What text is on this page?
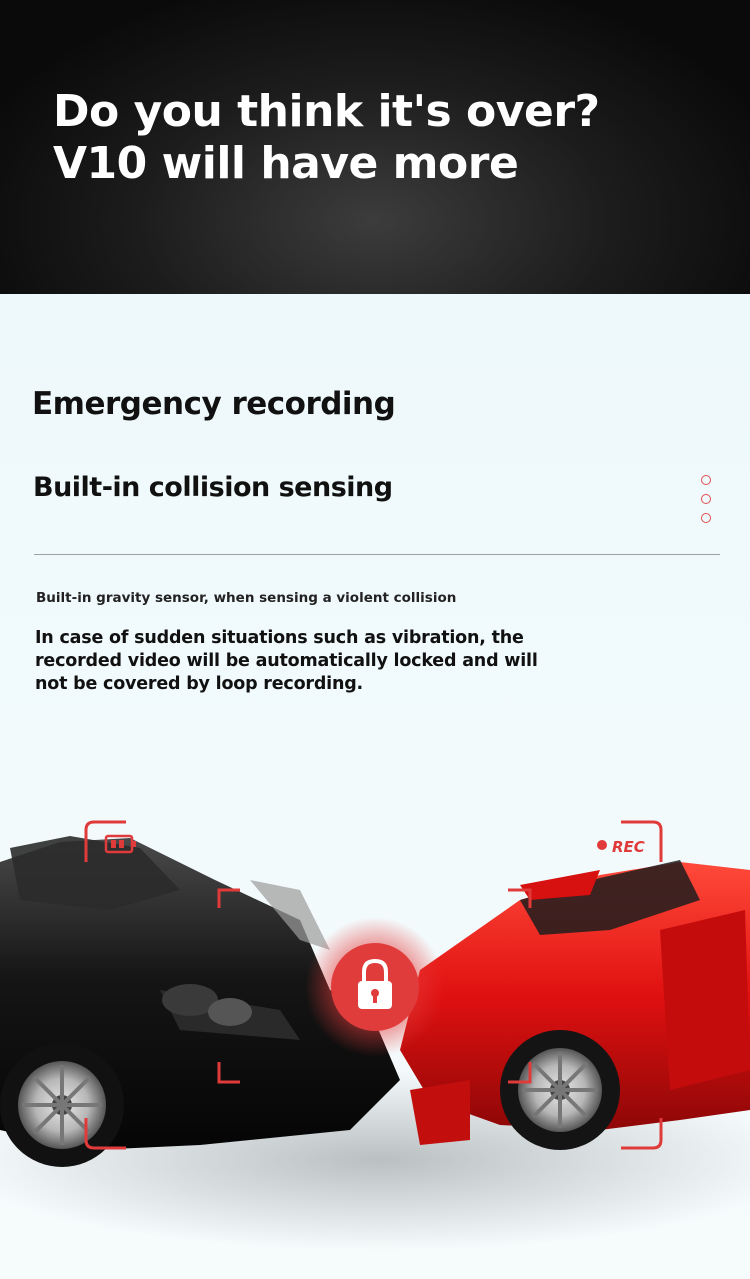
Do you think it's over?
V10 will have more
Emergency recording
Built-in collision sensing
Built-in gravity sensor, when sensing a violent collision
In case of sudden situations such as vibration, the recorded video will be automatically locked and will not be covered by loop recording.
REC
